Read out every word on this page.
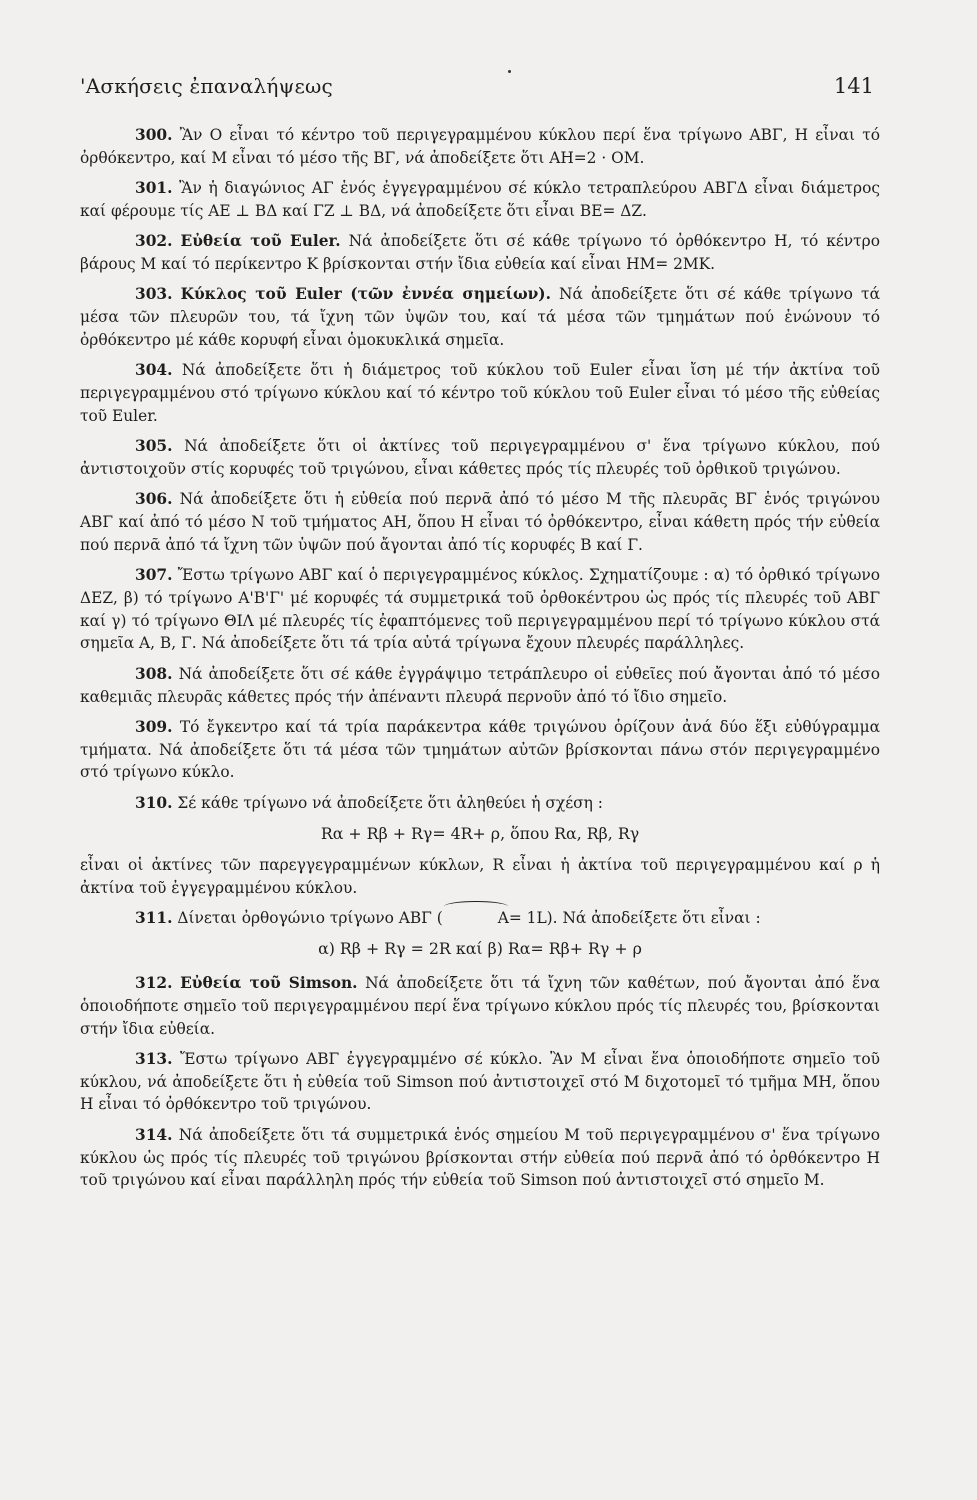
'Ασκήσεις ἐπαναλήψεως	141

300. Ἂν Ο εἶναι τό κέντρο τοῦ περιγεγραμμένου κύκλου περί ἕνα τρίγωνο ΑΒΓ, Η εἶναι τό ὀρθόκεντρο, καί Μ εἶναι τό μέσο τῆς ΒΓ, νά ἀποδείξετε ὅτι ΑΗ=2 · ΟΜ.

301. Ἂν ἡ διαγώνιος ΑΓ ἑνός ἐγγεγραμμένου σέ κύκλο τετραπλεύρου ΑΒΓΔ εἶναι διάμετρος καί φέρουμε τίς ΑΕ ⊥ ΒΔ καί ΓΖ ⊥ ΒΔ, νά ἀποδείξετε ὅτι εἶναι ΒΕ= ΔΖ.

302. Εὐθεία τοῦ Euler. Νά ἀποδείξετε ὅτι σέ κάθε τρίγωνο τό ὀρθόκεντρο Η, τό κέντρο βάρους Μ καί τό περίκεντρο Κ βρίσκονται στήν ἴδια εὐθεία καί εἶναι ΗΜ= 2ΜΚ.

303. Κύκλος τοῦ Euler (τῶν ἐννέα σημείων). Νά ἀποδείξετε ὅτι σέ κάθε τρίγωνο τά μέσα τῶν πλευρῶν του, τά ἴχνη τῶν ὑψῶν του, καί τά μέσα τῶν τμημάτων πού ἑνώνουν τό ὀρθόκεντρο μέ κάθε κορυφή εἶναι ὁμοκυκλικά σημεῖα.

304. Νά ἀποδείξετε ὅτι ἡ διάμετρος τοῦ κύκλου τοῦ Euler εἶναι ἴση μέ τήν ἀκτίνα τοῦ περιγεγραμμένου στό τρίγωνο κύκλου καί τό κέντρο τοῦ κύκλου τοῦ Euler εἶναι τό μέσο τῆς εὐθείας τοῦ Euler.

305. Νά ἀποδείξετε ὅτι οἱ ἀκτίνες τοῦ περιγεγραμμένου σ' ἕνα τρίγωνο κύκλου, πού ἀντιστοιχοῦν στίς κορυφές τοῦ τριγώνου, εἶναι κάθετες πρός τίς πλευρές τοῦ ὀρθικοῦ τριγώνου.

306. Νά ἀποδείξετε ὅτι ἡ εὐθεία πού περνᾶ ἀπό τό μέσο Μ τῆς πλευρᾶς ΒΓ ἑνός τριγώνου ΑΒΓ καί ἀπό τό μέσο Ν τοῦ τμήματος ΑΗ, ὅπου Η εἶναι τό ὀρθόκεντρο, εἶναι κάθετη πρός τήν εὐθεία πού περνᾶ ἀπό τά ἴχνη τῶν ὑψῶν πού ἄγονται ἀπό τίς κορυφές Β καί Γ.

307. Ἔστω τρίγωνο ΑΒΓ καί ὁ περιγεγραμμένος κύκλος. Σχηματίζουμε : α) τό ὀρθικό τρίγωνο ΔΕΖ, β) τό τρίγωνο Α'Β'Γ' μέ κορυφές τά συμμετρικά τοῦ ὀρθοκέντρου ὡς πρός τίς πλευρές τοῦ ΑΒΓ καί γ) τό τρίγωνο ΘΙΛ μέ πλευρές τίς ἐφαπτόμενες τοῦ περιγεγραμμένου περί τό τρίγωνο κύκλου στά σημεῖα Α, Β, Γ. Νά ἀποδείξετε ὅτι τά τρία αὐτά τρίγωνα ἔχουν πλευρές παράλληλες.

308. Νά ἀποδείξετε ὅτι σέ κάθε ἐγγράψιμο τετράπλευρο οἱ εὐθεῖες πού ἄγονται ἀπό τό μέσο καθεμιᾶς πλευρᾶς κάθετες πρός τήν ἀπέναντι πλευρά περνοῦν ἀπό τό ἴδιο σημεῖο.

309. Τό ἔγκεντρο καί τά τρία παράκεντρα κάθε τριγώνου ὁρίζουν ἀνά δύο ἕξι εὐθύγραμμα τμήματα. Νά ἀποδείξετε ὅτι τά μέσα τῶν τμημάτων αὐτῶν βρίσκονται πάνω στόν περιγεγραμμένο στό τρίγωνο κύκλο.

310. Σέ κάθε τρίγωνο νά ἀποδείξετε ὅτι ἀληθεύει ἡ σχέση :

Rα + Rβ + Rγ= 4R+ ρ, ὅπου Rα, Rβ, Rγ

εἶναι οἱ ἀκτίνες τῶν παρεγγεγραμμένων κύκλων, R εἶναι ἡ ἀκτίνα τοῦ περιγεγραμμένου καί ρ ἡ ἀκτίνα τοῦ ἐγγεγραμμένου κύκλου.

311. Δίνεται ὀρθογώνιο τρίγωνο ΑΒΓ (	A= 1L). Νά ἀποδείξετε ὅτι εἶναι :

α) Rβ + Rγ = 2R καί β) Rα= Rβ+ Rγ + ρ

312. Εὐθεία τοῦ Simson. Νά ἀποδείξετε ὅτι τά ἴχνη τῶν καθέτων, πού ἄγονται ἀπό ἕνα ὁποιοδήποτε σημεῖο τοῦ περιγεγραμμένου περί ἕνα τρίγωνο κύκλου πρός τίς πλευρές του, βρίσκονται στήν ἴδια εὐθεία.

313. Ἔστω τρίγωνο ΑΒΓ ἐγγεγραμμένο σέ κύκλο. Ἂν Μ εἶναι ἕνα ὁποιοδήποτε σημεῖο τοῦ κύκλου, νά ἀποδείξετε ὅτι ἡ εὐθεία τοῦ Simson πού ἀντιστοιχεῖ στό Μ διχοτομεῖ τό τμῆμα ΜΗ, ὅπου Η εἶναι τό ὀρθόκεντρο τοῦ τριγώνου.

314. Νά ἀποδείξετε ὅτι τά συμμετρικά ἑνός σημείου Μ τοῦ περιγεγραμμένου σ' ἕνα τρίγωνο κύκλου ὡς πρός τίς πλευρές τοῦ τριγώνου βρίσκονται στήν εὐθεία πού περνᾶ ἀπό τό ὀρθόκεντρο Η τοῦ τριγώνου καί εἶναι παράλληλη πρός τήν εὐθεία τοῦ Simson πού ἀντιστοιχεῖ στό σημεῖο Μ.
